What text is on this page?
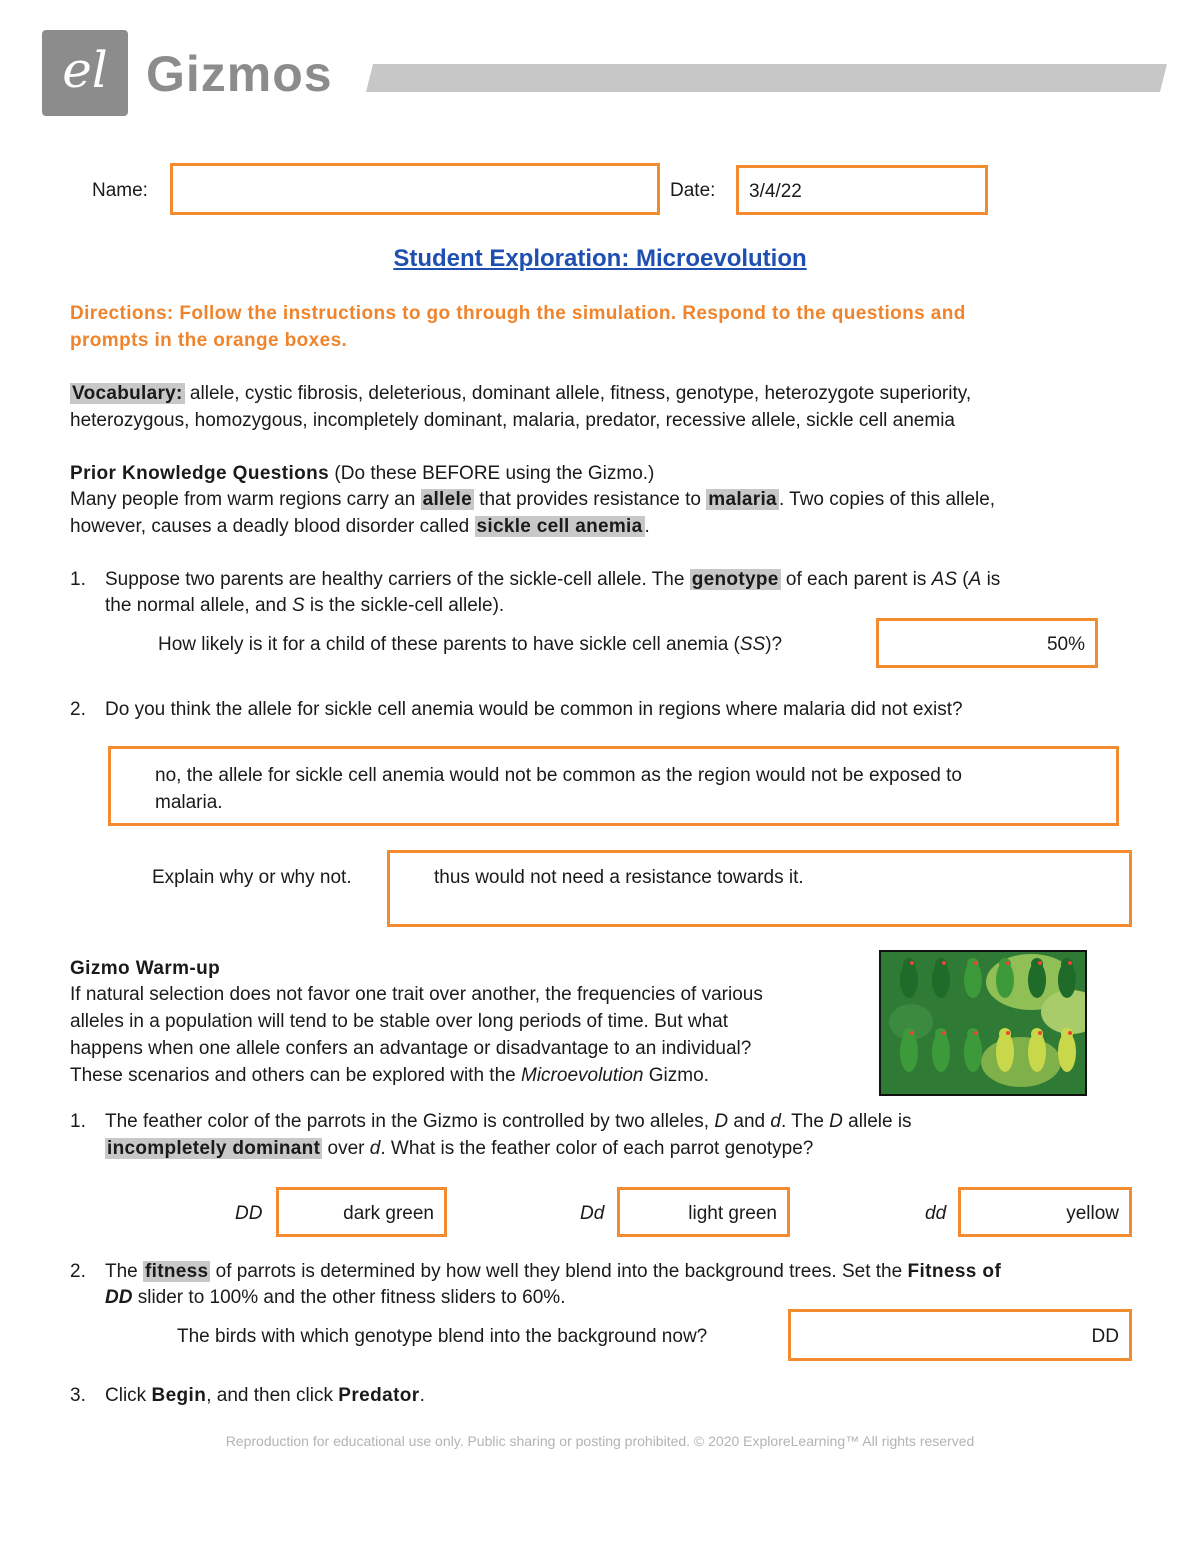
el Gizmos
Name:	Date: 3/4/22
Student Exploration: Microevolution
Directions: Follow the instructions to go through the simulation. Respond to the questions and
prompts in the orange boxes.
Vocabulary: allele, cystic fibrosis, deleterious, dominant allele, fitness, genotype, heterozygote superiority,
heterozygous, homozygous, incompletely dominant, malaria, predator, recessive allele, sickle cell anemia
Prior Knowledge Questions (Do these BEFORE using the Gizmo.)
Many people from warm regions carry an allele that provides resistance to malaria . Two copies of this allele,
however, causes a deadly blood disorder called sickle cell anemia .
1. Suppose two parents are healthy carriers of the sickle-cell allele. The genotype of each parent is AS (A is
the normal allele, and S is the sickle-cell allele).
How likely is it for a child of these parents to have sickle cell anemia (SS)?	50%
2. Do you think the allele for sickle cell anemia would be common in regions where malaria did not exist?
no, the allele for sickle cell anemia would not be common as the region would not be exposed to
malaria.
Explain why or why not.	thus would not need a resistance towards it.
Gizmo Warm-up
If natural selection does not favor one trait over another, the frequencies of various
alleles in a population will tend to be stable over long periods of time. But what
happens when one allele confers an advantage or disadvantage to an individual?
These scenarios and others can be explored with the Microevolution Gizmo.
1. The feather color of the parrots in the Gizmo is controlled by two alleles, D and d. The D allele is
incompletely dominant over d. What is the feather color of each parrot genotype?
DD	dark green	Dd	light green	dd	yellow
2. The fitness of parrots is determined by how well they blend into the background trees. Set the Fitness of
DD slider to 100% and the other fitness sliders to 60%.
The birds with which genotype blend into the background now?	DD
3. Click Begin, and then click Predator.
Reproduction for educational use only. Public sharing or posting prohibited. © 2020 ExploreLearning™ All rights reserved
